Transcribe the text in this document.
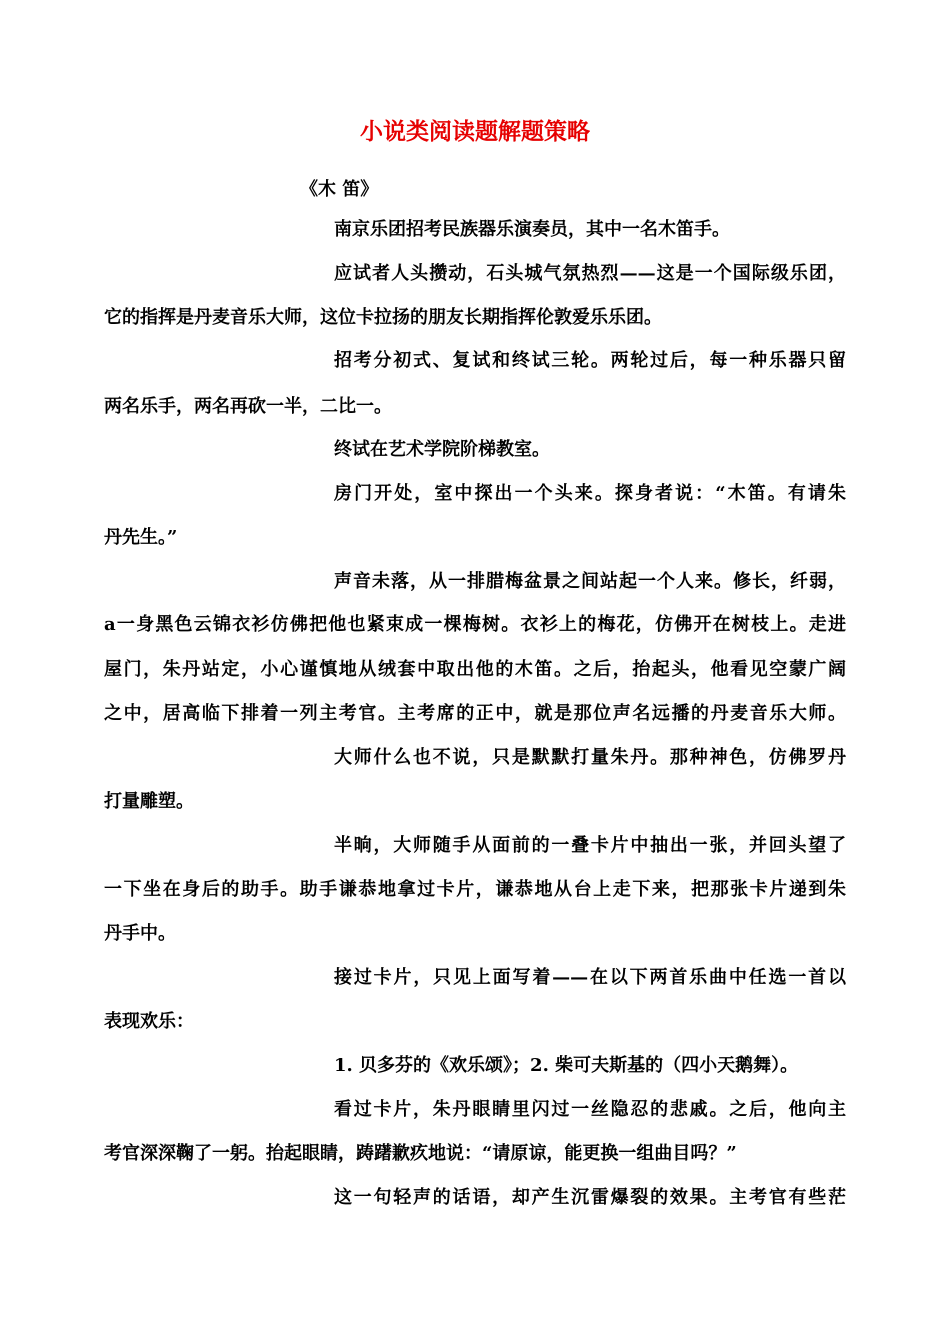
小说类阅读题解题策略
《木 笛》
南京乐团招考民族器乐演奏员，其中一名木笛手。
应试者人头攒动，石头城气氛热烈——这是一个国际级乐团，
它的指挥是丹麦音乐大师，这位卡拉扬的朋友长期指挥伦敦爱乐乐团。
招考分初式、复试和终试三轮。两轮过后，每一种乐器只留
两名乐手，两名再砍一半，二比一。
终试在艺术学院阶梯教室。
房门开处，室中探出一个头来。探身者说：“木笛。有请朱
丹先生。”
声音未落，从一排腊梅盆景之间站起一个人来。修长，纤弱，
a一身黑色云锦衣衫仿佛把他也紧束成一棵梅树。衣衫上的梅花，仿佛开在树枝上。走进
屋门，朱丹站定，小心谨慎地从绒套中取出他的木笛。之后，抬起头，他看见空蒙广阔
之中，居高临下排着一列主考官。主考席的正中，就是那位声名远播的丹麦音乐大师。
大师什么也不说，只是默默打量朱丹。那种神色，仿佛罗丹
打量雕塑。
半晌，大师随手从面前的一叠卡片中抽出一张，并回头望了
一下坐在身后的助手。助手谦恭地拿过卡片，谦恭地从台上走下来，把那张卡片递到朱
丹手中。
接过卡片，只见上面写着——在以下两首乐曲中任选一首以
表现欢乐：
1. 贝多芬的《欢乐颂》；2. 柴可夫斯基的（四小天鹅舞）。
看过卡片，朱丹眼睛里闪过一丝隐忍的悲戚。之后，他向主
考官深深鞠了一躬。抬起眼睛，踌躇歉疚地说：“请原谅，能更换一组曲目吗？”
这一句轻声的话语，却产生沉雷爆裂的效果。主考官有些茫
